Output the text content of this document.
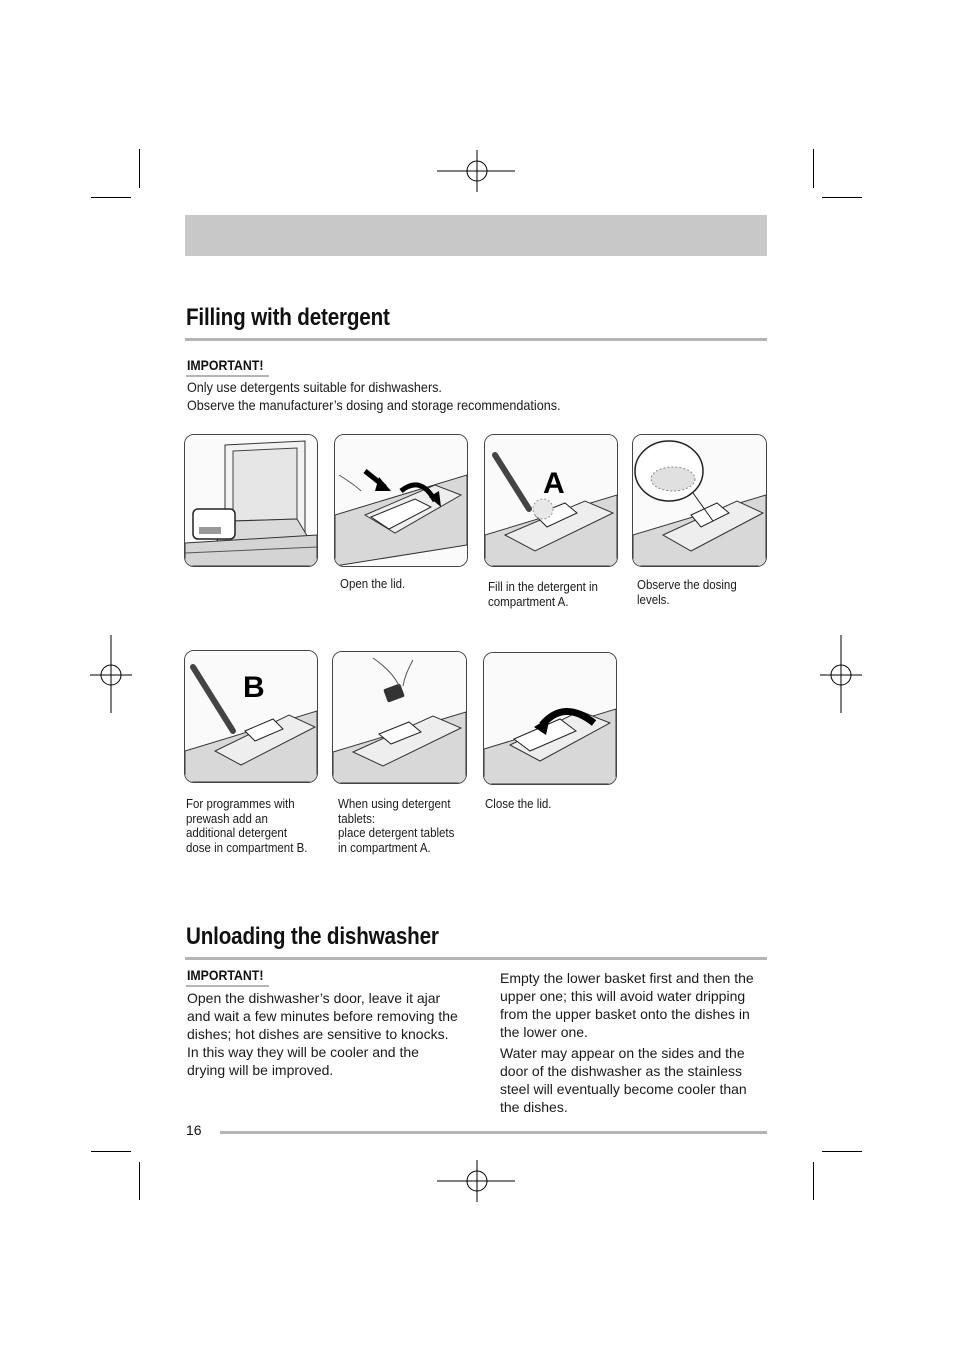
Filling with detergent
IMPORTANT!
Only use detergents suitable for dishwashers.
Observe the manufacturer’s dosing and storage recommendations.
A
Open the lid.	Fill in the detergent in
compartment A.
Observe the dosing
levels.
B
For programmes with
prewash add an
additional detergent
dose in compartment B.
When using detergent
tablets:
place detergent tablets
in compartment A.
Close the lid.
Unloading the dishwasher
IMPORTANT!
Open the dishwasher’s door, leave it ajar and wait a few minutes before removing the dishes; hot dishes are sensitive to knocks. In this way they will be cooler and the drying will be improved.
Empty the lower basket first and then the upper one; this will avoid water dripping from the upper basket onto the dishes in the lower one.
Water may appear on the sides and the door of the dishwasher as the stainless steel will eventually become cooler than the dishes.
16
